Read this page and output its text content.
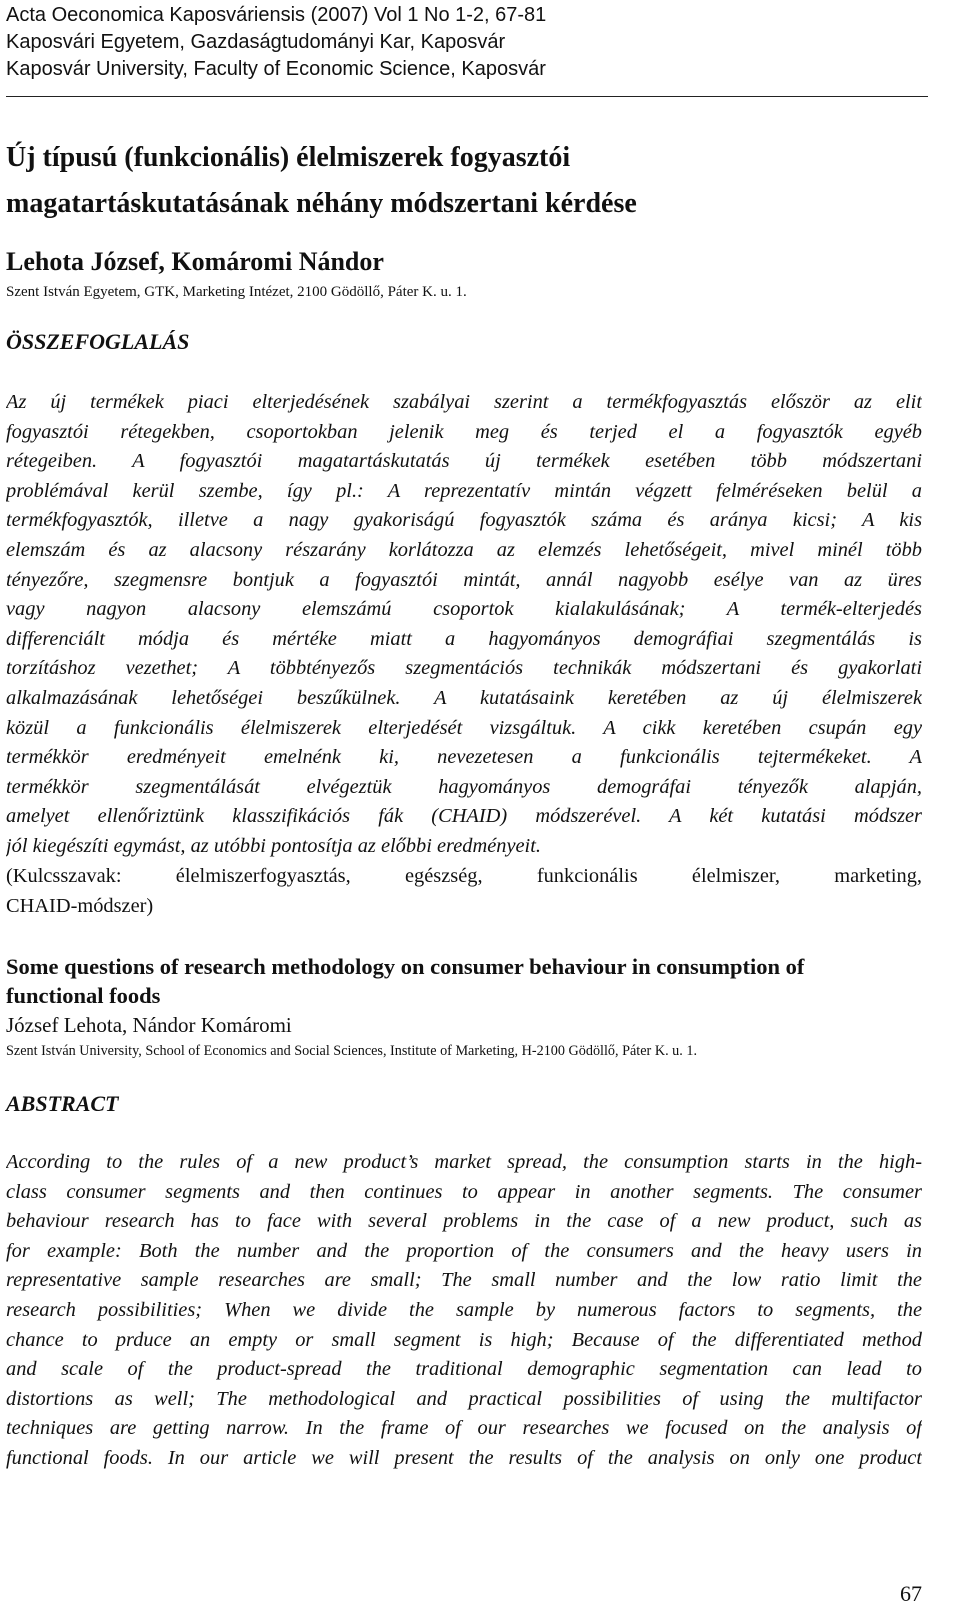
Acta Oeconomica Kaposváriensis (2007) Vol 1 No 1-2, 67-81
Kaposvári Egyetem, Gazdaságtudományi Kar, Kaposvár
Kaposvár University, Faculty of Economic Science, Kaposvár
Új típusú (funkcionális) élelmiszerek fogyasztói
magatartáskutatásának néhány módszertani kérdése
Lehota József, Komáromi Nándor
Szent István Egyetem, GTK, Marketing Intézet, 2100 Gödöllő, Páter K. u. 1.
ÖSSZEFOGLALÁS
Az új termékek piaci elterjedésének szabályai szerint a termékfogyasztás először az elit
fogyasztói rétegekben, csoportokban jelenik meg és terjed el a fogyasztók egyéb
rétegeiben. A fogyasztói magatartáskutatás új termékek esetében több módszertani
problémával kerül szembe, így pl.: A reprezentatív mintán végzett felméréseken belül a
termékfogyasztók, illetve a nagy gyakoriságú fogyasztók száma és aránya kicsi; A kis
elemszám és az alacsony részarány korlátozza az elemzés lehetőségeit, mivel minél több
tényezőre, szegmensre bontjuk a fogyasztói mintát, annál nagyobb esélye van az üres
vagy nagyon alacsony elemszámú csoportok kialakulásának; A termék-elterjedés
differenciált módja és mértéke miatt a hagyományos demográfiai szegmentálás is
torzításhoz vezethet; A többtényezős szegmentációs technikák módszertani és gyakorlati
alkalmazásának lehetőségei beszűkülnek. A kutatásaink keretében az új élelmiszerek
közül a funkcionális élelmiszerek elterjedését vizsgáltuk. A cikk keretében csupán egy
termékkör eredményeit emelnénk ki, nevezetesen a funkcionális tejtermékeket. A
termékkör szegmentálását elvégeztük hagyományos demográfai tényezők alapján,
amelyet ellenőriztünk klasszifikációs fák (CHAID) módszerével. A két kutatási módszer
jól kiegészíti egymást, az utóbbi pontosítja az előbbi eredményeit.
(Kulcsszavak: élelmiszerfogyasztás, egészség, funkcionális élelmiszer, marketing,
CHAID-módszer)
Some questions of research methodology on consumer behaviour in consumption of
functional foods
József Lehota, Nándor Komáromi
Szent István University, School of Economics and Social Sciences, Institute of Marketing, H-2100 Gödöllő, Páter K. u. 1.
ABSTRACT
According to the rules of a new product’s market spread, the consumption starts in the high-
class consumer segments and then continues to appear in another segments. The consumer
behaviour research has to face with several problems in the case of a new product, such as
for example: Both the number and the proportion of the consumers and the heavy users in
representative sample researches are small; The small number and the low ratio limit the
research possibilities; When we divide the sample by numerous factors to segments, the
chance to prduce an empty or small segment is high; Because of the differentiated method
and scale of the product-spread the traditional demographic segmentation can lead to
distortions as well; The methodological and practical possibilities of using the multifactor
techniques are getting narrow. In the frame of our researches we focused on the analysis of
functional foods. In our article we will present the results of the analysis on only one product
67
